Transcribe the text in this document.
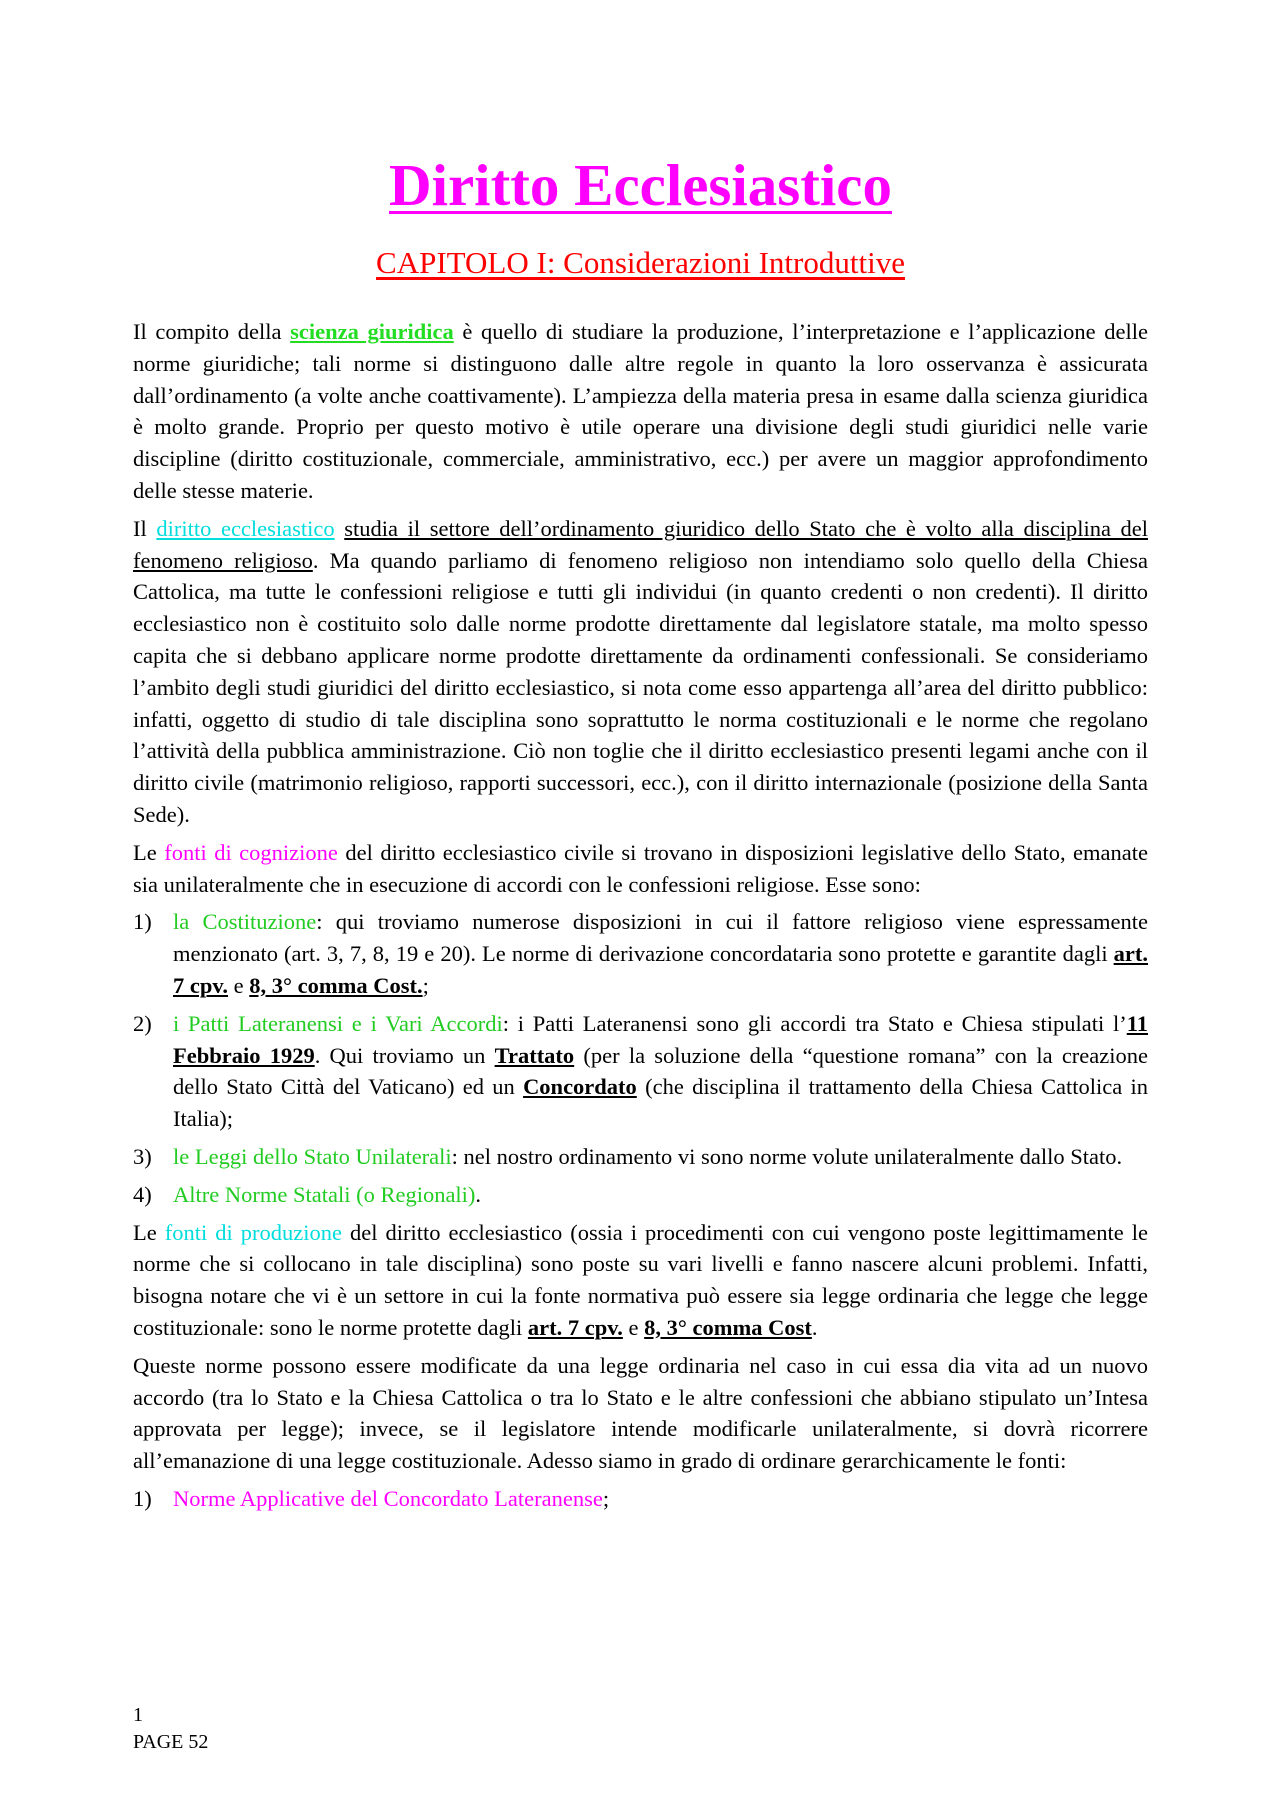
Diritto Ecclesiastico
CAPITOLO I: Considerazioni Introduttive

Il compito della scienza giuridica è quello di studiare la produzione, l’interpretazione e l’applicazione delle norme giuridiche; tali norme si distinguono dalle altre regole in quanto la loro osservanza è assicurata dall’ordinamento (a volte anche coattivamente). L’ampiezza della materia presa in esame dalla scienza giuridica è molto grande. Proprio per questo motivo è utile operare una divisione degli studi giuridici nelle varie discipline (diritto costituzionale, commerciale, amministrativo, ecc.) per avere un maggior approfondimento delle stesse materie.

Il diritto ecclesiastico studia il settore dell’ordinamento giuridico dello Stato che è volto alla disciplina del fenomeno religioso. Ma quando parliamo di fenomeno religioso non intendiamo solo quello della Chiesa Cattolica, ma tutte le confessioni religiose e tutti gli individui (in quanto credenti o non credenti). Il diritto ecclesiastico non è costituito solo dalle norme prodotte direttamente dal legislatore statale, ma molto spesso capita che si debbano applicare norme prodotte direttamente da ordinamenti confessionali. Se consideriamo l’ambito degli studi giuridici del diritto ecclesiastico, si nota come esso appartenga all’area del diritto pubblico: infatti, oggetto di studio di tale disciplina sono soprattutto le norma costituzionali e le norme che regolano l’attività della pubblica amministrazione. Ciò non toglie che il diritto ecclesiastico presenti legami anche con il diritto civile (matrimonio religioso, rapporti successori, ecc.), con il diritto internazionale (posizione della Santa Sede).

Le fonti di cognizione del diritto ecclesiastico civile si trovano in disposizioni legislative dello Stato, emanate sia unilateralmente che in esecuzione di accordi con le confessioni religiose. Esse sono:

1) la Costituzione: qui troviamo numerose disposizioni in cui il fattore religioso viene espressamente menzionato (art. 3, 7, 8, 19 e 20). Le norme di derivazione concordataria sono protette e garantite dagli art. 7 cpv. e 8, 3° comma Cost.;
2) i Patti Lateranensi e i Vari Accordi: i Patti Lateranensi sono gli accordi tra Stato e Chiesa stipulati l’11 Febbraio 1929. Qui troviamo un Trattato (per la soluzione della “questione romana” con la creazione dello Stato Città del Vaticano) ed un Concordato (che disciplina il trattamento della Chiesa Cattolica in Italia);
3) le Leggi dello Stato Unilaterali: nel nostro ordinamento vi sono norme volute unilateralmente dallo Stato.
4) Altre Norme Statali (o Regionali).

Le fonti di produzione del diritto ecclesiastico (ossia i procedimenti con cui vengono poste legittimamente le norme che si collocano in tale disciplina) sono poste su vari livelli e fanno nascere alcuni problemi. Infatti, bisogna notare che vi è un settore in cui la fonte normativa può essere sia legge ordinaria che legge che legge costituzionale: sono le norme protette dagli art. 7 cpv. e 8, 3° comma Cost.

Queste norme possono essere modificate da una legge ordinaria nel caso in cui essa dia vita ad un nuovo accordo (tra lo Stato e la Chiesa Cattolica o tra lo Stato e le altre confessioni che abbiano stipulato un’Intesa approvata per legge); invece, se il legislatore intende modificarle unilateralmente, si dovrà ricorrere all’emanazione di una legge costituzionale. Adesso siamo in grado di ordinare gerarchicamente le fonti:

1) Norme Applicative del Concordato Lateranense;
1
PAGE 52
